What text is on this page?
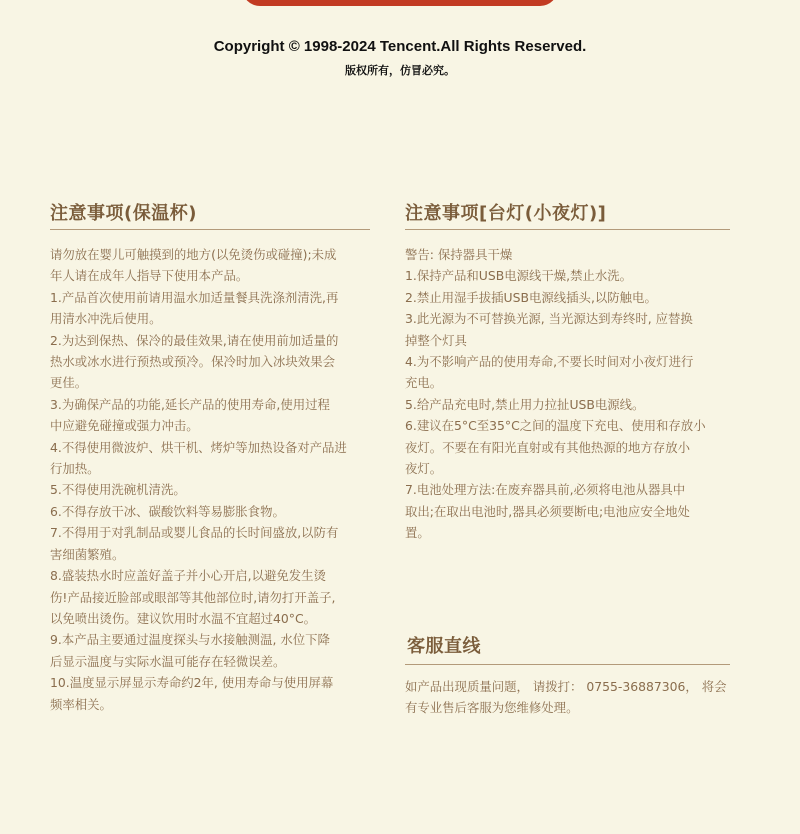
Copyright © 1998-2024 Tencent.All Rights Reserved.
版权所有，仿冒必究。
注意事项(保温杯)
请勿放在婴儿可触摸到的地方(以免烫伤或碰撞);未成
年人请在成年人指导下使用本产品。
1.产品首次使用前请用温水加适量餐具洗涤剂清洗,再
用清水冲洗后使用。
2.为达到保热、保冷的最佳效果,请在使用前加适量的
热水或冰水进行预热或预冷。保冷时加入冰块效果会
更佳。
3.为确保产品的功能,延长产品的使用寿命,使用过程
中应避免碰撞或强力冲击。
4.不得使用微波炉、烘干机、烤炉等加热设备对产品进
行加热。
5.不得使用洗碗机清洗。
6.不得存放干冰、碳酸饮料等易膨胀食物。
7.不得用于对乳制品或婴儿食品的长时间盛放,以防有
害细菌繁殖。
8.盛装热水时应盖好盖子并小心开启,以避免发生烫
伤!产品接近脸部或眼部等其他部位时,请勿打开盖子,
以免喷出烫伤。建议饮用时水温不宜超过40°C。
9.本产品主要通过温度探头与水接触测温, 水位下降
后显示温度与实际水温可能存在轻微误差。
10.温度显示屏显示寿命约2年, 使用寿命与使用屏幕
频率相关。
注意事项[台灯(小夜灯)]
警告: 保持器具干燥
1.保持产品和USB电源线干燥,禁止水洗。
2.禁止用湿手拔插USB电源线插头,以防触电。
3.此光源为不可替换光源, 当光源达到寿终时, 应替换
掉整个灯具
4.为不影响产品的使用寿命,不要长时间对小夜灯进行
充电。
5.给产品充电时,禁止用力拉扯USB电源线。
6.建议在5°C至35°C之间的温度下充电、使用和存放小
夜灯。不要在有阳光直射或有其他热源的地方存放小
夜灯。
7.电池处理方法:在废弃器具前,必须将电池从器具中
取出;在取出电池时,器具必须要断电;电池应安全地处
置。
客服直线
如产品出现质量问题， 请拨打： 0755-36887306， 将会
有专业售后客服为您维修处理。
